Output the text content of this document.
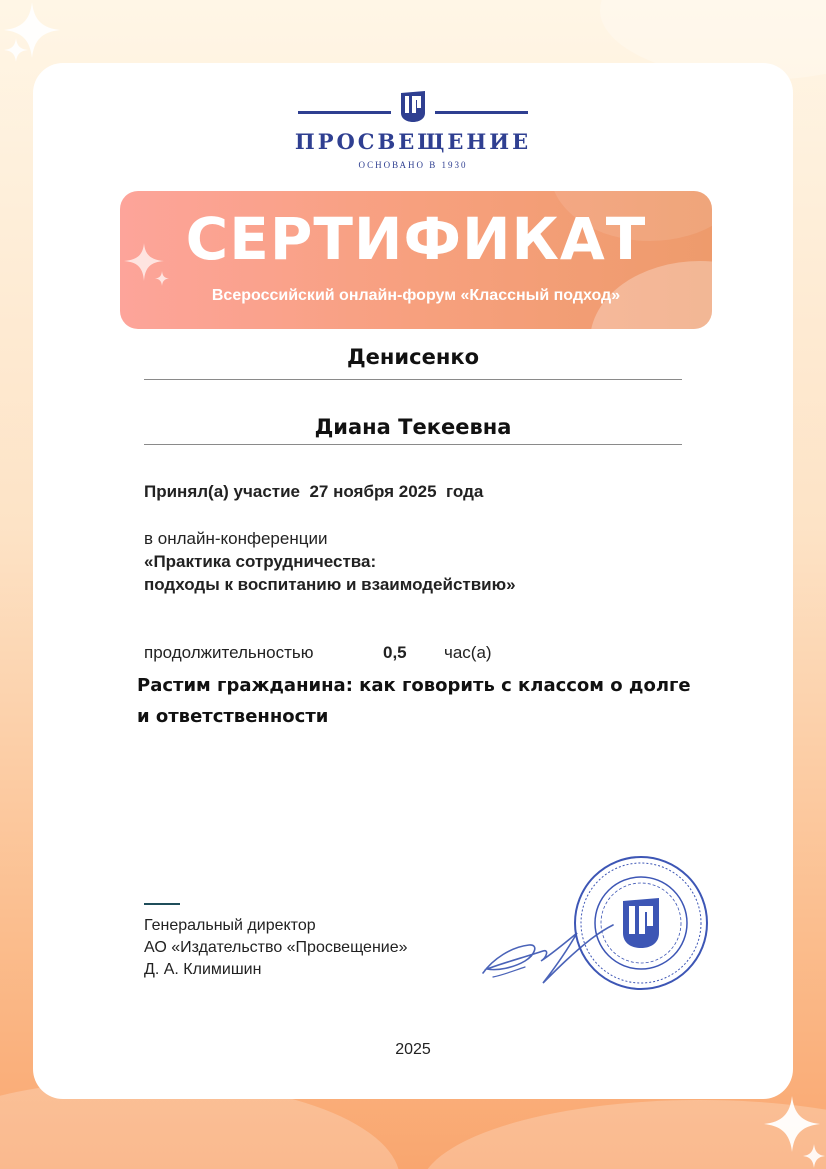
ПРОСВЕЩЕНИЕ
ОСНОВАНО В 1930
СЕРТИФИКАТ
Всероссийский онлайн-форум «Классный подход»
Денисенко
Диана Текеевна
Принял(а) участие 27 ноября 2025 года
в онлайн-конференции
«Практика сотрудничества:
подходы к воспитанию и взаимодействию»
продолжительностью	0,5 час(а)
Растим гражданина: как говорить с классом о долге и ответственности
Генеральный директор
АО «Издательство «Просвещение»
Д. А. Климишин
2025
